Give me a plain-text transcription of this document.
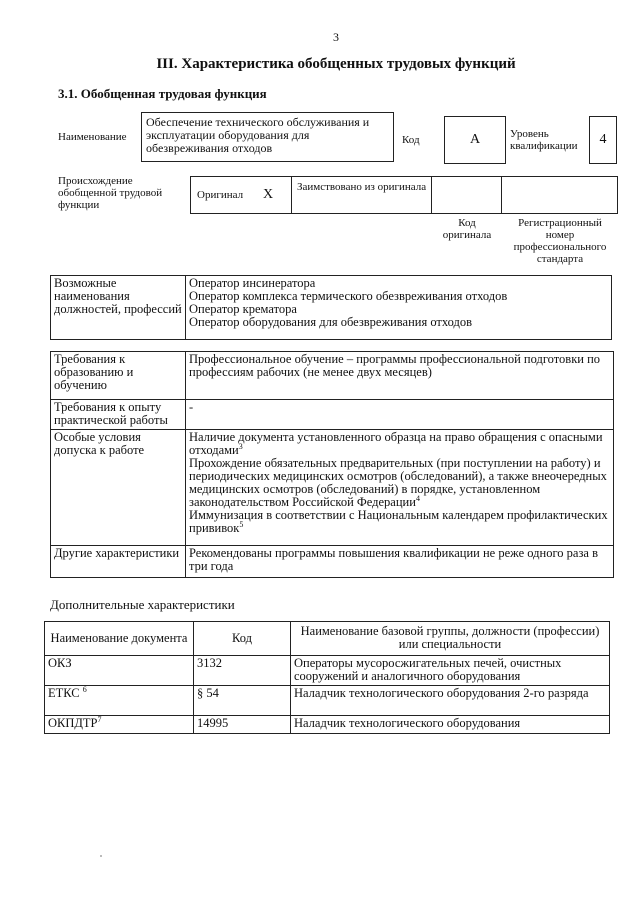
3
III. Характеристика обобщенных трудовых функций
3.1. Обобщенная трудовая функция
Наименование
Обеспечение технического обслуживания и эксплуатации оборудования для обезвреживания отходов
Код	А	Уровень квалификации	4
Происхождение обобщенной трудовой функции
Оригинал Х Заимствовано из оригинала
Код оригинала
Регистрационный номер профессионального стандарта
Возможные наименования должностей, профессий	
Оператор инсинератора
Оператор комплекса термического обезвреживания отходов
Оператор крематора
Оператор оборудования для обезвреживания отходов
Требования к образованию и обучению	Профессиональное обучение – программы профессиональной подготовки по профессиям рабочих (не менее двух месяцев)
Требования к опыту практической работы	-
Особые условия допуска к работе	Наличие документа установленного образца на право обращения с опасными отходами$^3$
Прохождение обязательных предварительных (при поступлении на работу) и периодических медицинских осмотров (обследований), а также внеочередных медицинских осмотров (обследований) в порядке, установленном законодательством Российской Федерации$^4$
Иммунизация в соответствии с Национальным календарем профилактических прививок$^5$

Другие характеристики	Рекомендованы программы повышения квалификации не реже одного раза в три года
Дополнительные характеристики
Наименование документа	Код	Наименование базовой группы, должности (профессии) или специальности
ОКЗ	3132	Операторы мусоросжигательных печей, очистных сооружений и аналогичного оборудования
ЕТКС $^6$	§ 54	Наладчик технологического оборудования 2-го разряда
ОКПДТР$^7$	14995	Наладчик технологического оборудования
